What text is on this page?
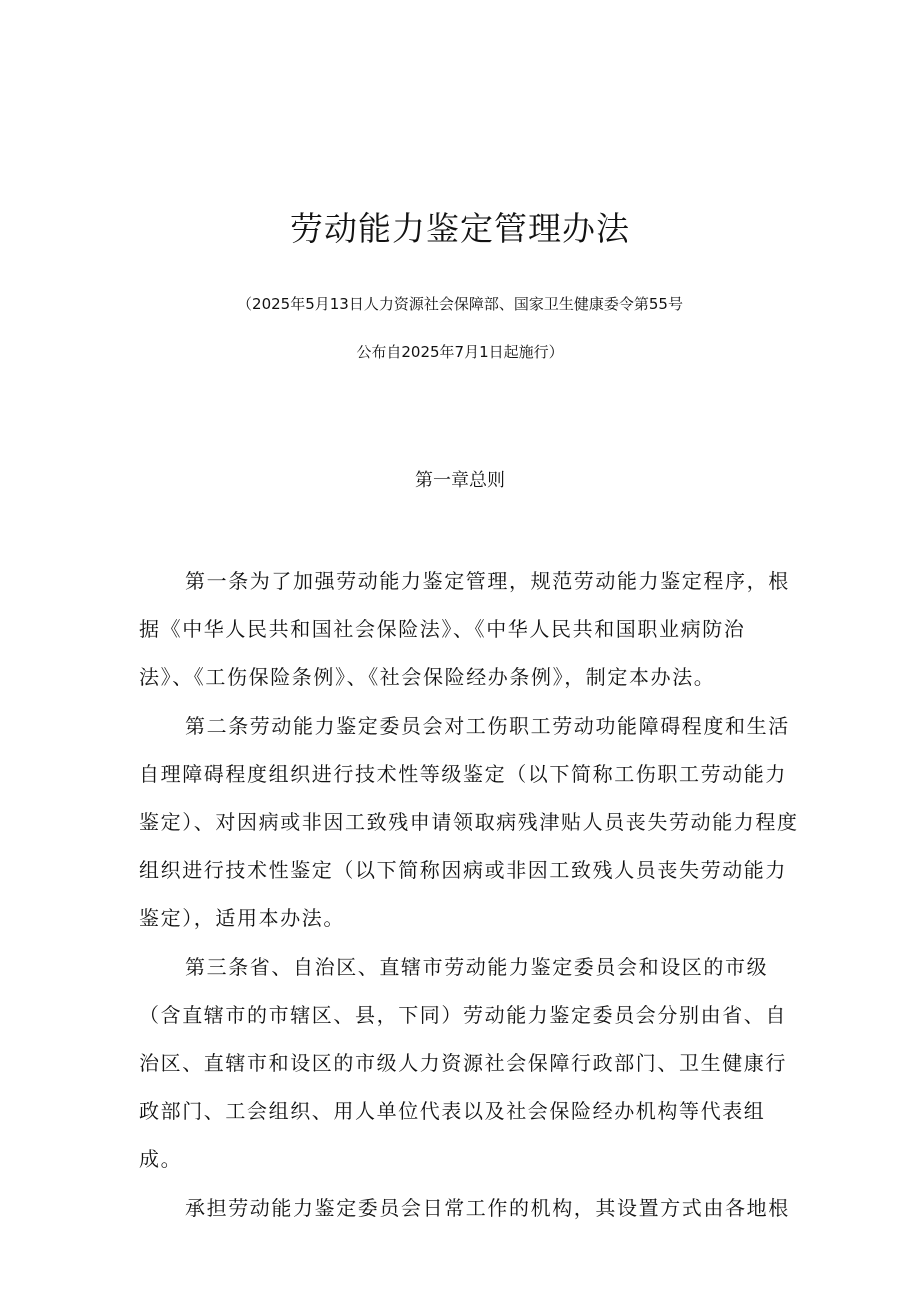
劳动能力鉴定管理办法

（2025年5月13日人力资源社会保障部、国家卫生健康委令第55号

公布自2025年7月1日起施行）

第一章总则

第一条为了加强劳动能力鉴定管理，规范劳动能力鉴定程序，根据《中华人民共和国社会保险法》、《中华人民共和国职业病防治法》、《工伤保险条例》、《社会保险经办条例》，制定本办法。

第二条劳动能力鉴定委员会对工伤职工劳动功能障碍程度和生活自理障碍程度组织进行技术性等级鉴定（以下简称工伤职工劳动能力鉴定）、对因病或非因工致残申请领取病残津贴人员丧失劳动能力程度组织进行技术性鉴定（以下简称因病或非因工致残人员丧失劳动能力鉴定），适用本办法。

第三条省、自治区、直辖市劳动能力鉴定委员会和设区的市级（含直辖市的市辖区、县，下同）劳动能力鉴定委员会分别由省、自治区、直辖市和设区的市级人力资源社会保障行政部门、卫生健康行政部门、工会组织、用人单位代表以及社会保险经办机构等代表组成。

承担劳动能力鉴定委员会日常工作的机构，其设置方式由各地根
